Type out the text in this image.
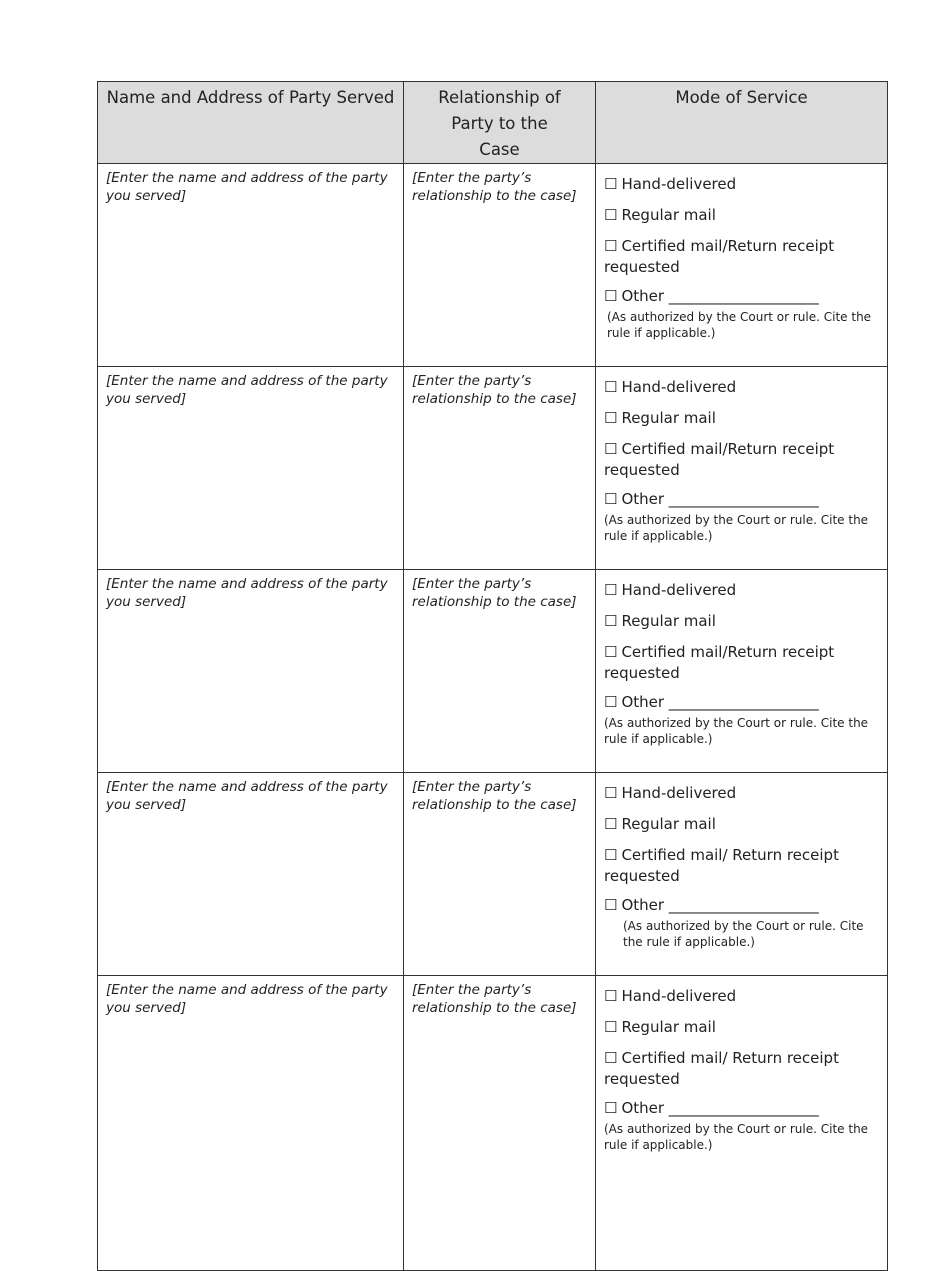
Name and Address of Party Served	Relationship of Party to the Case	Mode of Service
[Enter the name and address of the party you served]	[Enter the party’s relationship to the case]	☐ Hand-delivered
☐ Regular mail
☐ Certified mail/Return receipt requested
☐ Other ____________________
(As authorized by the Court or rule. Cite the rule if applicable.)

[Enter the name and address of the party you served]	[Enter the party’s relationship to the case]	☐ Hand-delivered
☐ Regular mail
☐ Certified mail/Return receipt requested
☐ Other ____________________
(As authorized by the Court or rule. Cite the rule if applicable.)

[Enter the name and address of the party you served]	[Enter the party’s relationship to the case]	☐ Hand-delivered
☐ Regular mail
☐ Certified mail/Return receipt requested
☐ Other ____________________
(As authorized by the Court or rule. Cite the rule if applicable.)

[Enter the name and address of the party you served]	[Enter the party’s relationship to the case]	☐ Hand-delivered
☐ Regular mail
☐ Certified mail/ Return receipt requested
☐ Other ____________________
(As authorized by the Court or rule. Cite the rule if applicable.)

[Enter the name and address of the party you served]	[Enter the party’s relationship to the case]	☐ Hand-delivered
☐ Regular mail
☐ Certified mail/ Return receipt requested
☐ Other ____________________
(As authorized by the Court or rule. Cite the rule if applicable.)
